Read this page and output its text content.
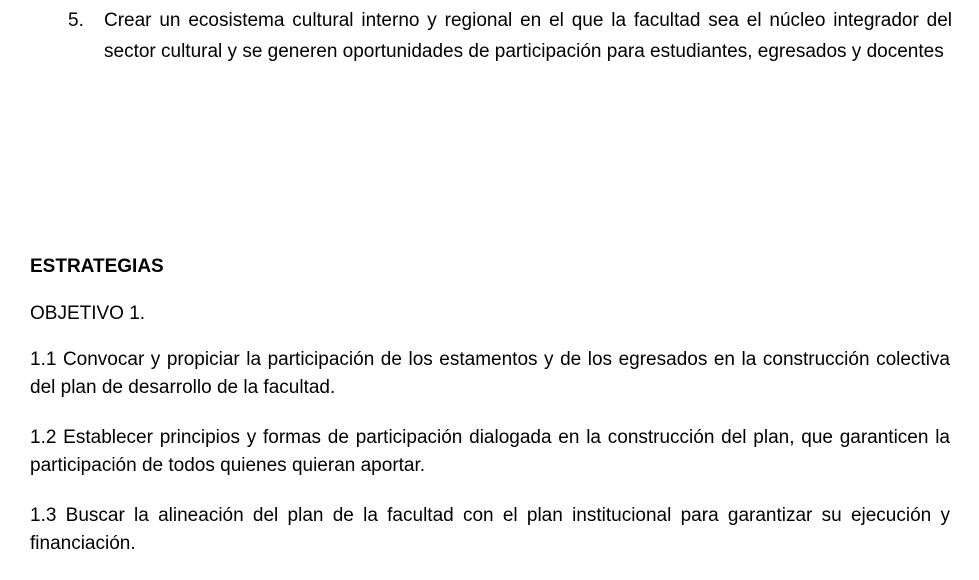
5. Crear un ecosistema cultural interno y regional en el que la facultad sea el núcleo integrador del sector cultural y se generen oportunidades de participación para estudiantes, egresados y docentes
ESTRATEGIAS
OBJETIVO 1.
1.1 Convocar y propiciar la participación de los estamentos y de los egresados en la construcción colectiva del plan de desarrollo de la facultad.
1.2 Establecer principios y formas de participación dialogada en la construcción del plan, que garanticen la participación de todos quienes quieran aportar.
1.3 Buscar la alineación del plan de la facultad con el plan institucional para garantizar su ejecución y financiación.
